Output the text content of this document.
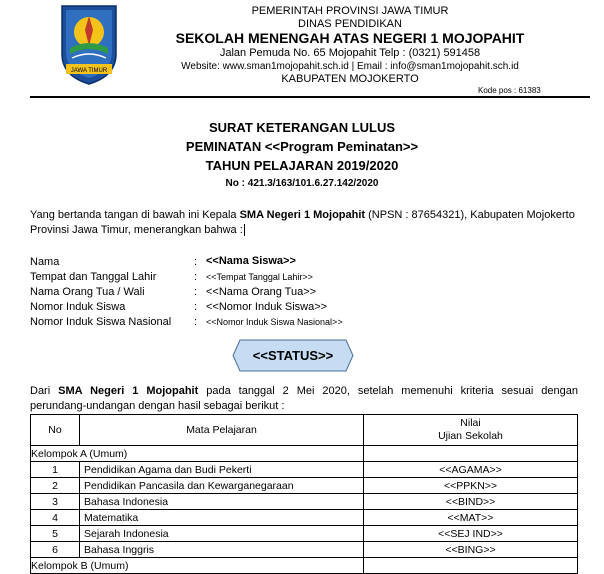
JAWA TIMUR
PEMERINTAH PROVINSI JAWA TIMUR
DINAS PENDIDIKAN
SEKOLAH MENENGAH ATAS NEGERI 1 MOJOPAHIT
Jalan Pemuda No. 65 Mojopahit Telp : (0321) 591458
Website: www.sman1mojopahit.sch.id | Email : info@sman1mojopahit.sch.id
KABUPATEN MOJOKERTO
Kode pos : 61383
SURAT KETERANGAN LULUS
PEMINATAN <<Program Peminatan>>
TAHUN PELAJARAN 2019/2020
No : 421.3/163/101.6.27.142/2020
Yang bertanda tangan di bawah ini Kepala SMA Negeri 1 Mojopahit (NPSN : 87654321), Kabupaten Mojokerto
Provinsi Jawa Timur, menerangkan bahwa :
Nama	: <<Nama Siswa>>
Tempat dan Tanggal Lahir	: <<Tempat Tanggal Lahir>>
Nama Orang Tua / Wali	: <<Nama Orang Tua>>
Nomor Induk Siswa	: <<Nomor Induk Siswa>>
Nomor Induk Siswa Nasional : <<Nomor Induk Siswa Nasional>>
<<STATUS>>
Dari SMA Negeri 1 Mojopahit pada tanggal 2 Mei 2020, setelah memenuhi kriteria sesuai dengan
perundang-undangan dengan hasil sebagai berikut :
No	Mata Pelajaran	Nilai
Ujian Sekolah

Kelompok A (Umum)		
1	Pendidikan Agama dan Budi Pekerti	<<AGAMA>>
2	Pendidikan Pancasila dan Kewarganegaraan	<<PPKN>>
3	Bahasa Indonesia	<<BIND>>
4	Matematika	<<MAT>>
5	Sejarah Indonesia	<<SEJ IND>>
6	Bahasa Inggris	<<BING>>
Kelompok B (Umum)		
